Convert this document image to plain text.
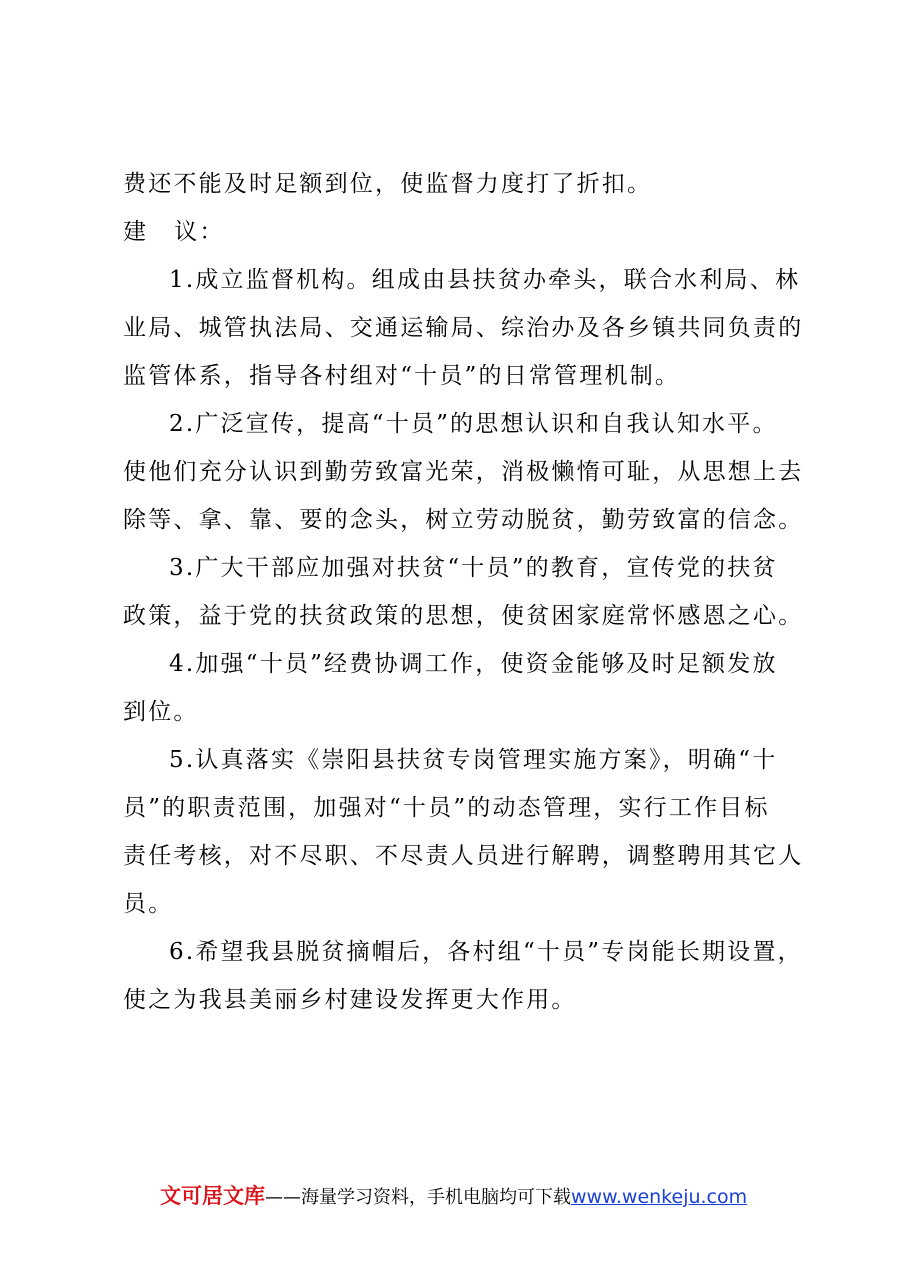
费还不能及时足额到位，使监督力度打了折扣。
建 议：
1.成立监督机构。组成由县扶贫办牵头，联合水利局、林
业局、城管执法局、交通运输局、综治办及各乡镇共同负责的
监管体系，指导各村组对“十员”的日常管理机制。
2.广泛宣传，提高“十员”的思想认识和自我认知水平。
使他们充分认识到勤劳致富光荣，消极懒惰可耻，从思想上去
除等、拿、靠、要的念头，树立劳动脱贫，勤劳致富的信念。
3.广大干部应加强对扶贫“十员”的教育，宣传党的扶贫
政策，益于党的扶贫政策的思想，使贫困家庭常怀感恩之心。
4.加强“十员”经费协调工作，使资金能够及时足额发放
到位。
5.认真落实《崇阳县扶贫专岗管理实施方案》，明确“十
员”的职责范围，加强对“十员”的动态管理，实行工作目标
责任考核，对不尽职、不尽责人员进行解聘，调整聘用其它人
员。
6.希望我县脱贫摘帽后，各村组“十员”专岗能长期设置，
使之为我县美丽乡村建设发挥更大作用。
文可居文库——海量学习资料，手机电脑均可下载www.wenkeju.com
